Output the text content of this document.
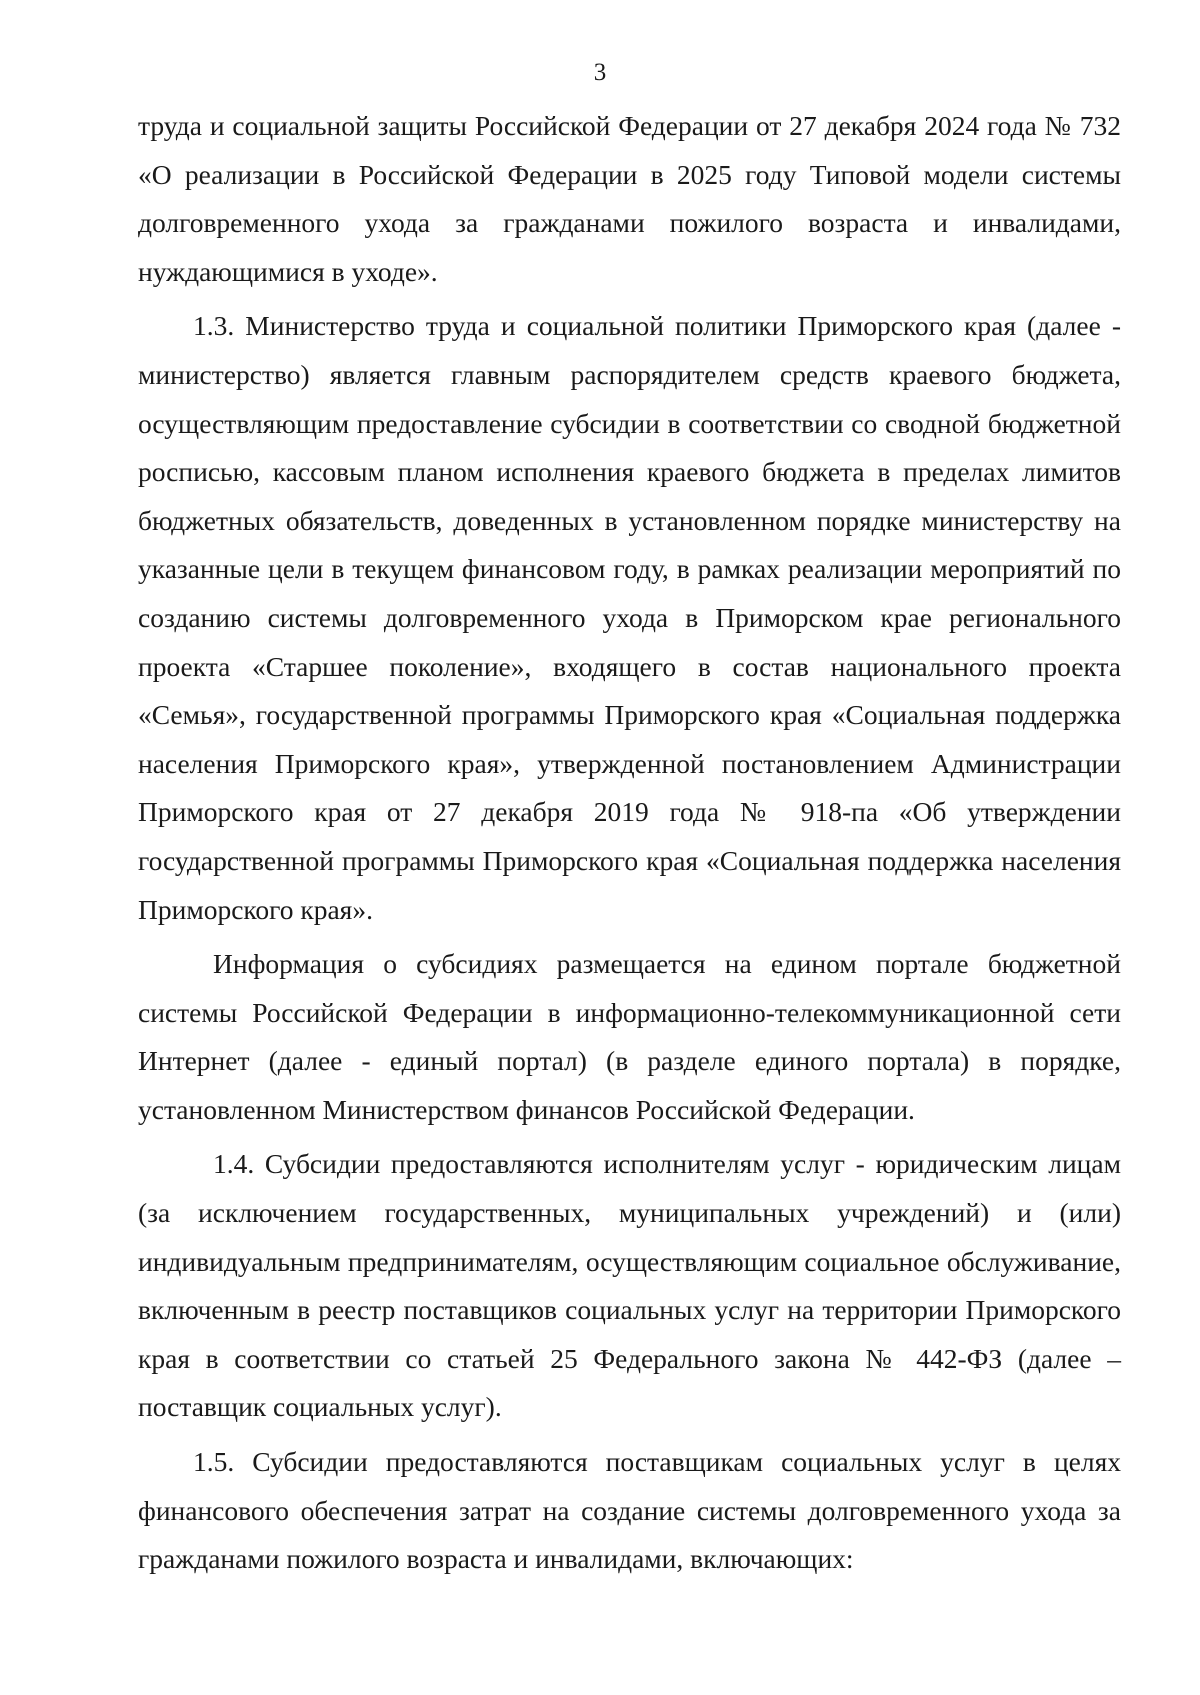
3

труда и социальной защиты Российской Федерации от 27 декабря 2024 года № 732 «О реализации в Российской Федерации в 2025 году Типовой модели системы долговременного ухода за гражданами пожилого возраста и инвалидами, нуждающимися в уходе».

1.3. Министерство труда и социальной политики Приморского края (далее - министерство) является главным распорядителем средств краевого бюджета, осуществляющим предоставление субсидии в соответствии со сводной бюджетной росписью, кассовым планом исполнения краевого бюджета в пределах лимитов бюджетных обязательств, доведенных в установленном порядке министерству на указанные цели в текущем финансовом году, в рамках реализации мероприятий по созданию системы долговременного ухода в Приморском крае регионального проекта «Старшее поколение», входящего в состав национального проекта «Семья», государственной программы Приморского края «Социальная поддержка населения Приморского края», утвержденной постановлением Администрации Приморского края от 27 декабря 2019 года № 918-па «Об утверждении государственной программы Приморского края «Социальная поддержка населения Приморского края».

Информация о субсидиях размещается на едином портале бюджетной системы Российской Федерации в информационно-телекоммуникационной сети Интернет (далее - единый портал) (в разделе единого портала) в порядке, установленном Министерством финансов Российской Федерации.

1.4. Субсидии предоставляются исполнителям услуг - юридическим лицам (за исключением государственных, муниципальных учреждений) и (или) индивидуальным предпринимателям, осуществляющим социальное обслуживание, включенным в реестр поставщиков социальных услуг на территории Приморского края в соответствии со статьей 25 Федерального закона № 442-ФЗ (далее – поставщик социальных услуг).

1.5. Субсидии предоставляются поставщикам социальных услуг в целях финансового обеспечения затрат на создание системы долговременного ухода за гражданами пожилого возраста и инвалидами, включающих:
